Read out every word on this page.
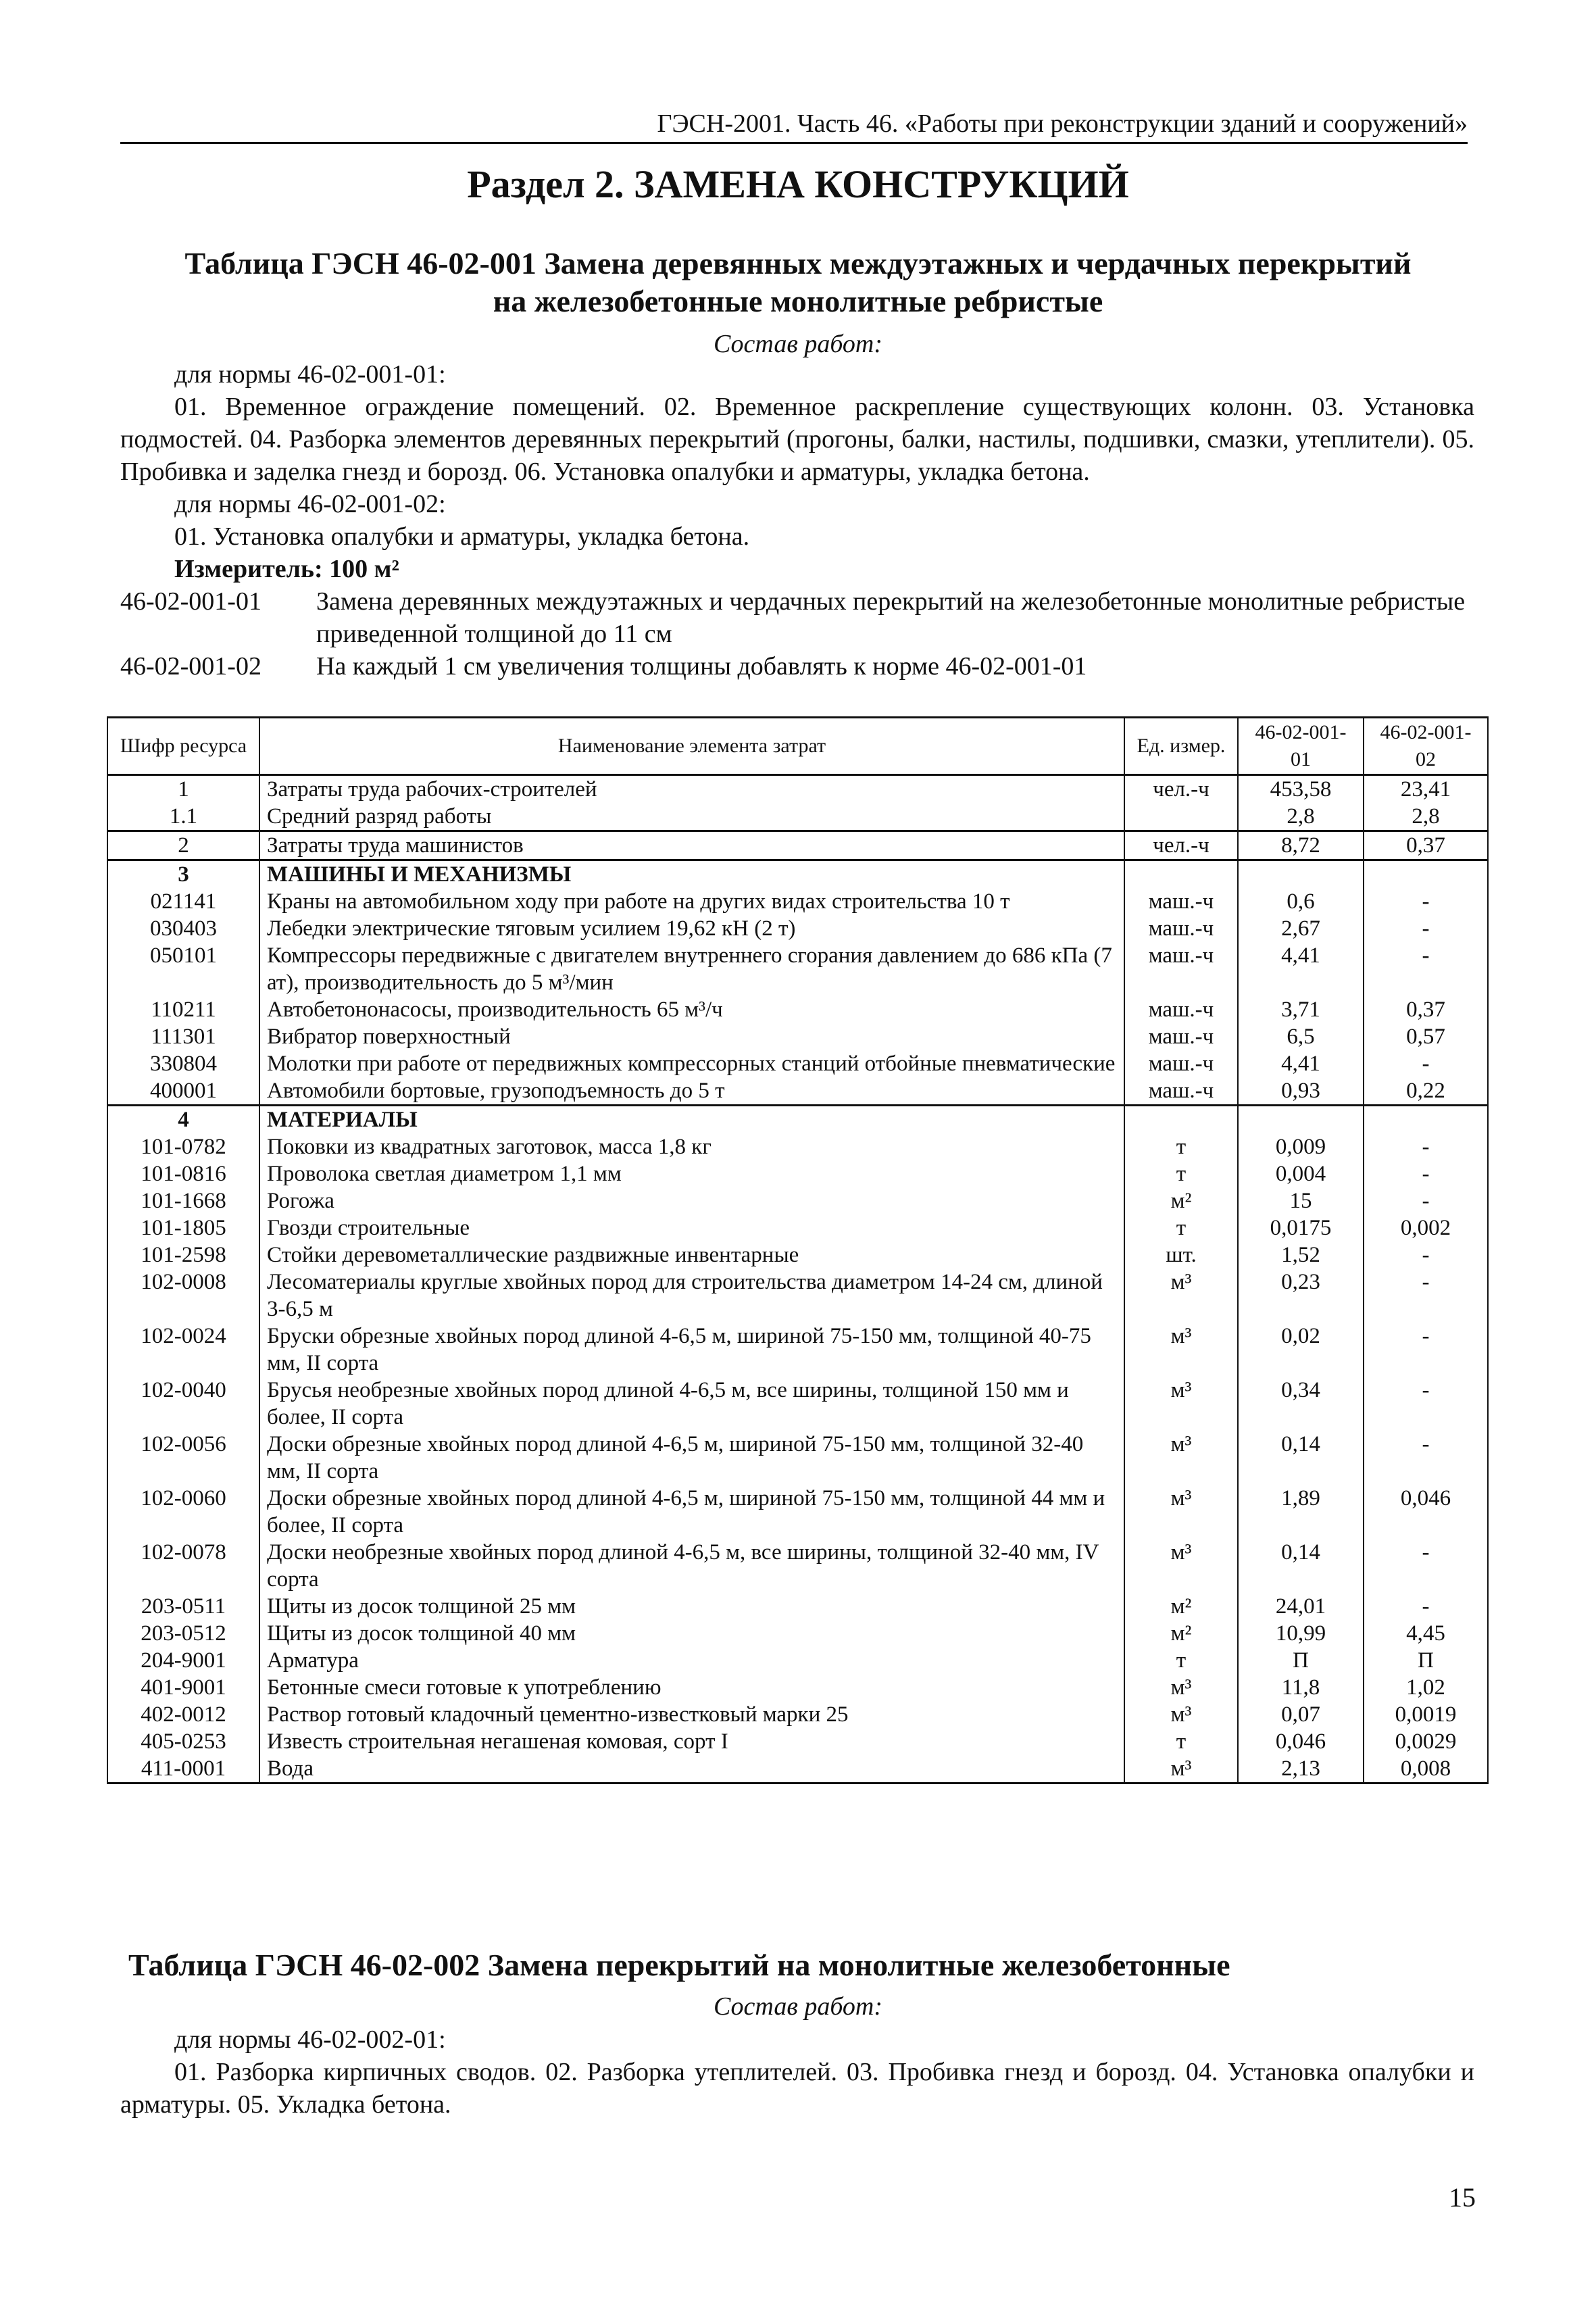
ГЭСН-2001. Часть 46. «Работы при реконструкции зданий и сооружений»
Раздел 2. ЗАМЕНА КОНСТРУКЦИЙ
Таблица ГЭСН 46-02-001 Замена деревянных междуэтажных и чердачных перекрытий
на железобетонные монолитные ребристые
Состав работ:

для нормы 46-02-001-01:

01. Временное ограждение помещений. 02. Временное раскрепление существующих колонн. 03. Установка подмостей. 04. Разборка элементов деревянных перекрытий (прогоны, балки, настилы, подшивки, смазки, утеплители). 05. Пробивка и заделка гнезд и борозд. 06. Установка опалубки и арматуры, укладка бетона.

для нормы 46-02-001-02:

01. Установка опалубки и арматуры, укладка бетона.

Измеритель: 100 м²

46-02-001-01	Замена деревянных междуэтажных и чердачных перекрытий на железобетонные монолитные ребристые приведенной толщиной до 11 см
46-02-001-02	На каждый 1 см увеличения толщины добавлять к норме 46-02-001-01
Шифр ресурса	Наименование элемента затрат	Ед. измер.	46-02-001-01	46-02-001-02
1	Затраты труда рабочих-строителей	чел.-ч	453,58	23,41
1.1	Средний разряд работы		2,8	2,8
2	Затраты труда машинистов	чел.-ч	8,72	0,37
3	МАШИНЫ И МЕХАНИЗМЫ			
021141	Краны на автомобильном ходу при работе на других видах строительства 10 т	маш.-ч	0,6	-
030403	Лебедки электрические тяговым усилием 19,62 кН (2 т)	маш.-ч	2,67	-
050101	Компрессоры передвижные с двигателем внутреннего сгорания давлением до 686 кПа (7 ат), производительность до 5 м³/мин	маш.-ч	4,41	-
110211	Автобетононасосы, производительность 65 м³/ч	маш.-ч	3,71	0,37
111301	Вибратор поверхностный	маш.-ч	6,5	0,57
330804	Молотки при работе от передвижных компрессорных станций отбойные пневматические	маш.-ч	4,41	-
400001	Автомобили бортовые, грузоподъемность до 5 т	маш.-ч	0,93	0,22
4	МАТЕРИАЛЫ			
101-0782	Поковки из квадратных заготовок, масса 1,8 кг	т	0,009	-
101-0816	Проволока светлая диаметром 1,1 мм	т	0,004	-
101-1668	Рогожа	м²	15	-
101-1805	Гвозди строительные	т	0,0175	0,002
101-2598	Стойки деревометаллические раздвижные инвентарные	шт.	1,52	-
102-0008	Лесоматериалы круглые хвойных пород для строительства диаметром 14-24 см, длиной 3-6,5 м	м³	0,23	-
102-0024	Бруски обрезные хвойных пород длиной 4-6,5 м, шириной 75-150 мм, толщиной 40-75 мм, II сорта	м³	0,02	-
102-0040	Брусья необрезные хвойных пород длиной 4-6,5 м, все ширины, толщиной 150 мм и более, II сорта	м³	0,34	-
102-0056	Доски обрезные хвойных пород длиной 4-6,5 м, шириной 75-150 мм, толщиной 32-40 мм, II сорта	м³	0,14	-
102-0060	Доски обрезные хвойных пород длиной 4-6,5 м, шириной 75-150 мм, толщиной 44 мм и более, II сорта	м³	1,89	0,046
102-0078	Доски необрезные хвойных пород длиной 4-6,5 м, все ширины, толщиной 32-40 мм, IV сорта	м³	0,14	-
203-0511	Щиты из досок толщиной 25 мм	м²	24,01	-
203-0512	Щиты из досок толщиной 40 мм	м²	10,99	4,45
204-9001	Арматура	т	П	П
401-9001	Бетонные смеси готовые к употреблению	м³	11,8	1,02
402-0012	Раствор готовый кладочный цементно-известковый марки 25	м³	0,07	0,0019
405-0253	Известь строительная негашеная комовая, сорт I	т	0,046	0,0029
411-0001	Вода	м³	2,13	0,008
Таблица ГЭСН 46-02-002 Замена перекрытий на монолитные железобетонные
Состав работ:

для нормы 46-02-002-01:

01. Разборка кирпичных сводов. 02. Разборка утеплителей. 03. Пробивка гнезд и борозд. 04. Установка опалубки и арматуры. 05. Укладка бетона.

15
